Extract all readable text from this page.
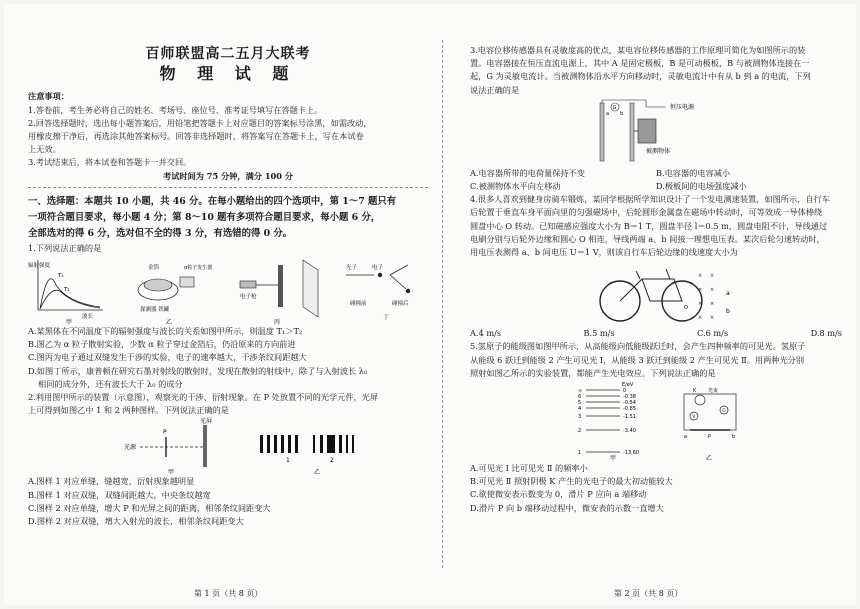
百师联盟高二五月大联考
物 理 试 题
注意事项：

1.答卷前，考生务必将自己的姓名、考场号、座位号、准考证号填写在答题卡上。

2.回答选择题时，选出每小题答案后，用铅笔把答题卡上对应题目的答案标号涂黑，如需改动，

用橡皮擦干净后，再选涂其他答案标号。回答非选择题时，将答案写在答题卡上，写在本试卷

上无效。

3.考试结束后，将本试卷和答题卡一并交回。

考试时间为 75 分钟，满分 100 分

一、选择题：本题共 10 小题，共 46 分。在每小题给出的四个选项中，第 1～7 题只有
一项符合题目要求，每小题 4 分；第 8～10 题有多项符合题目要求，每小题 6 分，
全部选对的得 6 分，选对但不全的得 3 分，有选错的得 0 分。

1.下列说法正确的是

辐射强度
波长
T₁
T₂
甲
金箔	α粒子发生器
探测器 铁罐
乙
电子枪
丙
光子	电子
碰撞前	碰撞后
丁

A.某黑体在不同温度下的辐射强度与波长的关系如图甲所示，则温度 T₁＞T₂

B.图乙为 α 粒子散射实验，少数 α 粒子穿过金箔后，仍沿原来的方向前进

C.图丙为电子通过双缝发生干涉的实验，电子的速率越大，干涉条纹间距越大

D.如图丁所示，康普顿在研究石墨对射线的散射时，发现在散射的射线中，除了与入射波长 λ₀

相同的成分外，还有波长大于 λ₀ 的成分

2.利用图甲所示的装置（示意图），观察光的干涉、衍射现象。在 P 处放置不同的光学元件，光屏

上可得到如图乙中 1 和 2 两种图样。下列说法正确的是

光源
P
光屏
甲
1	2
乙

A.图样 1 对应单缝，缝越宽，衍射现象越明显

B.图样 1 对应双缝，双缝间距越大，中央条纹越宽

C.图样 2 对应单缝，增大 P 和光屏之间的距离，相邻条纹间距变大

D.图样 2 对应双缝，增大入射光的波长，相邻条纹间距变大

3.电容位移传感器具有灵敏度高的优点，某电容位移传感器的工作原理可简化为如图所示的装

置。电容器接在恒压直流电源上，其中 A 是固定极板，B 是可动极板，B 与被测物体连接在一

起，G 为灵敏电流计。当被测物体沿水平方向移动时，灵敏电流计中有从 b 到 a 的电流，下列

说法正确的是

G	恒压电源
被测物体
a b
A.电容器所带的电荷量保持不变	B.电容器的电容减小
C.被测物体水平向左移动	D.极板间的电场强度减小

4.很多人喜欢到健身房骑车锻炼，某同学根据所学知识设计了一个发电测速装置，如图所示，自行车

后轮置于垂直车身平面向里的匀强磁场中，后轮圆形金属盘在磁场中转动时，可等效成一导体棒绕

圆盘中心 O 转动。已知磁感应强度大小为 B＝1 T，圆盘半径 l＝0.5 m，圆盘电阻不计，导线通过

电刷分别与后轮外边缘和圆心 O 相连，导线两端 a、b 间接一理想电压表。某次后轮匀速转动时，

用电压表测得 a、b 间电压 U＝1 V，则该自行车后轮边缘的线速度大小为

× ×
× ×
× ×
× ×
a
b
O
A.4 m/s	B.5 m/s	C.6 m/s	D.8 m/s

5.氢原子的能级图如图甲所示，从高能级向低能级跃迁时，会产生四种频率的可见光。氢原子

从能级 6 跃迁到能级 2 产生可见光 Ⅰ，从能级 3 跃迁到能级 2 产生可见光 Ⅱ。用两种光分别

照射如图乙所示的实验装置，都能产生光电效应。下列说法正确的是

E/eV
∞	0
6	-0.38
5	-0.54
4	-0.85
3	-1.51
2	-3.40
1	-13.60
甲
K 光束
G
V
a	b
P
乙

A.可见光 Ⅰ 比可见光 Ⅱ 的频率小

B.可见光 Ⅱ 照射阴极 K 产生的光电子的最大初动能较大

C.欲使微安表示数变为 0，滑片 P 应向 a 端移动

D.滑片 P 向 b 端移动过程中，微安表的示数一直增大

第 1 页（共 8 页）	第 2 页（共 8 页）
